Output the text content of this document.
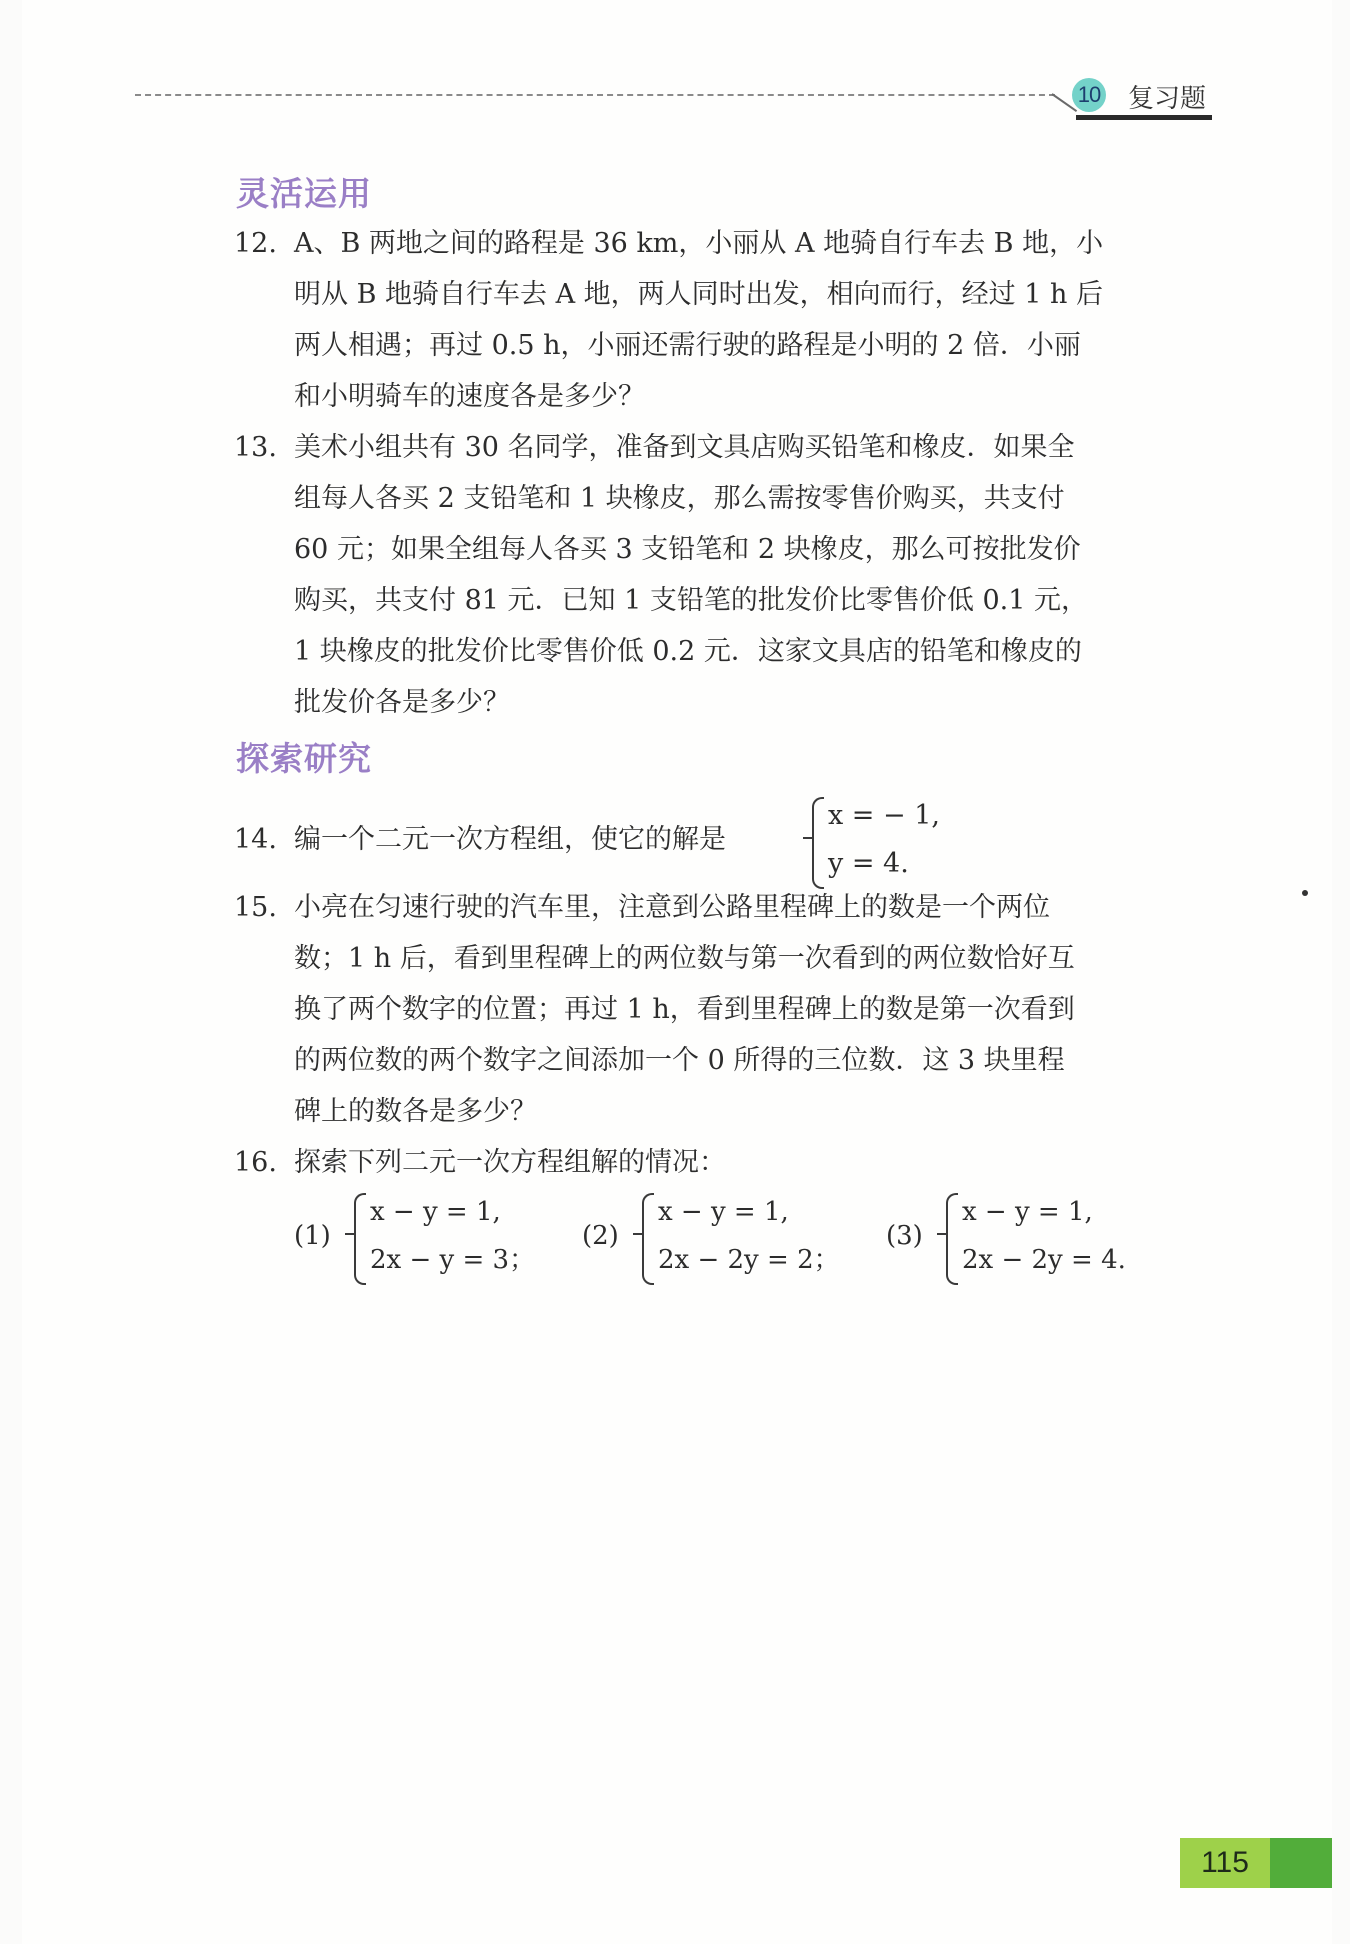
10 复习题
灵活运用
12. A、B 两地之间的路程是 36 km，小丽从 A 地骑自行车去 B 地，小
明从 B 地骑自行车去 A 地，两人同时出发，相向而行，经过 1 h 后
两人相遇；再过 0.5 h，小丽还需行驶的路程是小明的 2 倍．小丽
和小明骑车的速度各是多少？
13. 美术小组共有 30 名同学，准备到文具店购买铅笔和橡皮．如果全
组每人各买 2 支铅笔和 1 块橡皮，那么需按零售价购买，共支付
60 元；如果全组每人各买 3 支铅笔和 2 块橡皮，那么可按批发价
购买，共支付 81 元．已知 1 支铅笔的批发价比零售价低 0.1 元，
1 块橡皮的批发价比零售价低 0.2 元．这家文具店的铅笔和橡皮的
批发价各是多少？
探索研究
14. 编一个二元一次方程组，使它的解是
x = − 1,
y = 4.
15. 小亮在匀速行驶的汽车里，注意到公路里程碑上的数是一个两位
数；1 h 后，看到里程碑上的两位数与第一次看到的两位数恰好互
换了两个数字的位置；再过 1 h，看到里程碑上的数是第一次看到
的两位数的两个数字之间添加一个 0 所得的三位数．这 3 块里程
碑上的数各是多少？
16. 探索下列二元一次方程组解的情况：
(1)
x − y = 1,
2x − y = 3；
(2)
x − y = 1,
2x − 2y = 2；
(3)
x − y = 1,
2x − 2y = 4.
115
